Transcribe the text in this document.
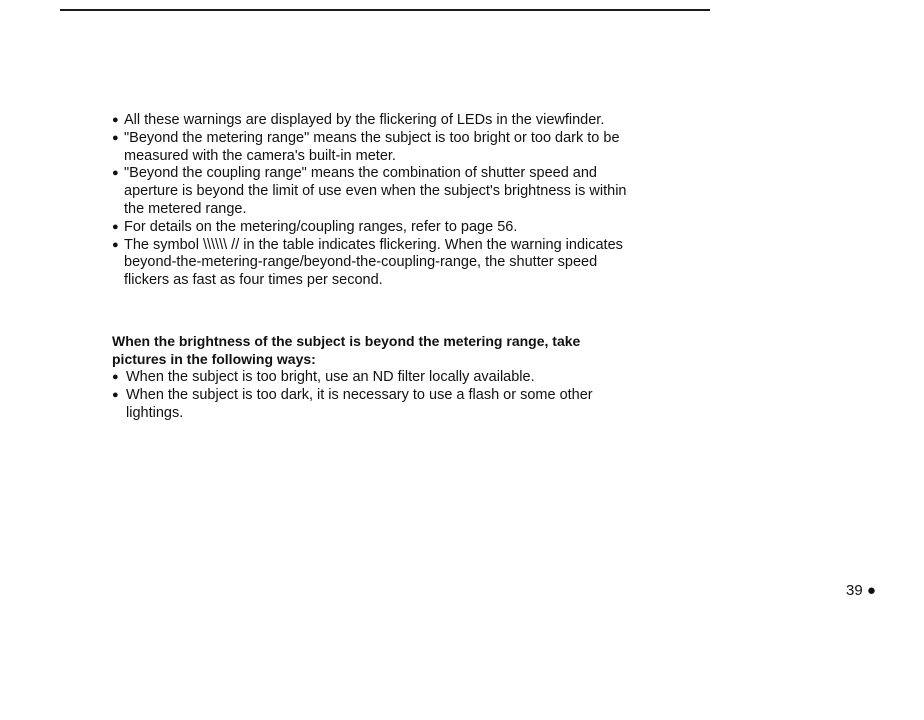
● All these warnings are displayed by the flickering of LEDs in the viewfinder.
● "Beyond the metering range" means the subject is too bright or too dark to be measured with the camera's built-in meter.
● "Beyond the coupling range" means the combination of shutter speed and aperture is beyond the limit of use even when the subject's brightness is within the metered range.
● For details on the metering/coupling ranges, refer to page 56.
● The symbol \\\\\\ // in the table indicates flickering. When the warning indicates beyond-the-metering-range/beyond-the-coupling-range, the shutter speed flickers as fast as four times per second.

When the brightness of the subject is beyond the metering range, take pictures in the following ways:

● When the subject is too bright, use an ND filter locally available.
● When the subject is too dark, it is necessary to use a flash or some other lightings.
39 ●
